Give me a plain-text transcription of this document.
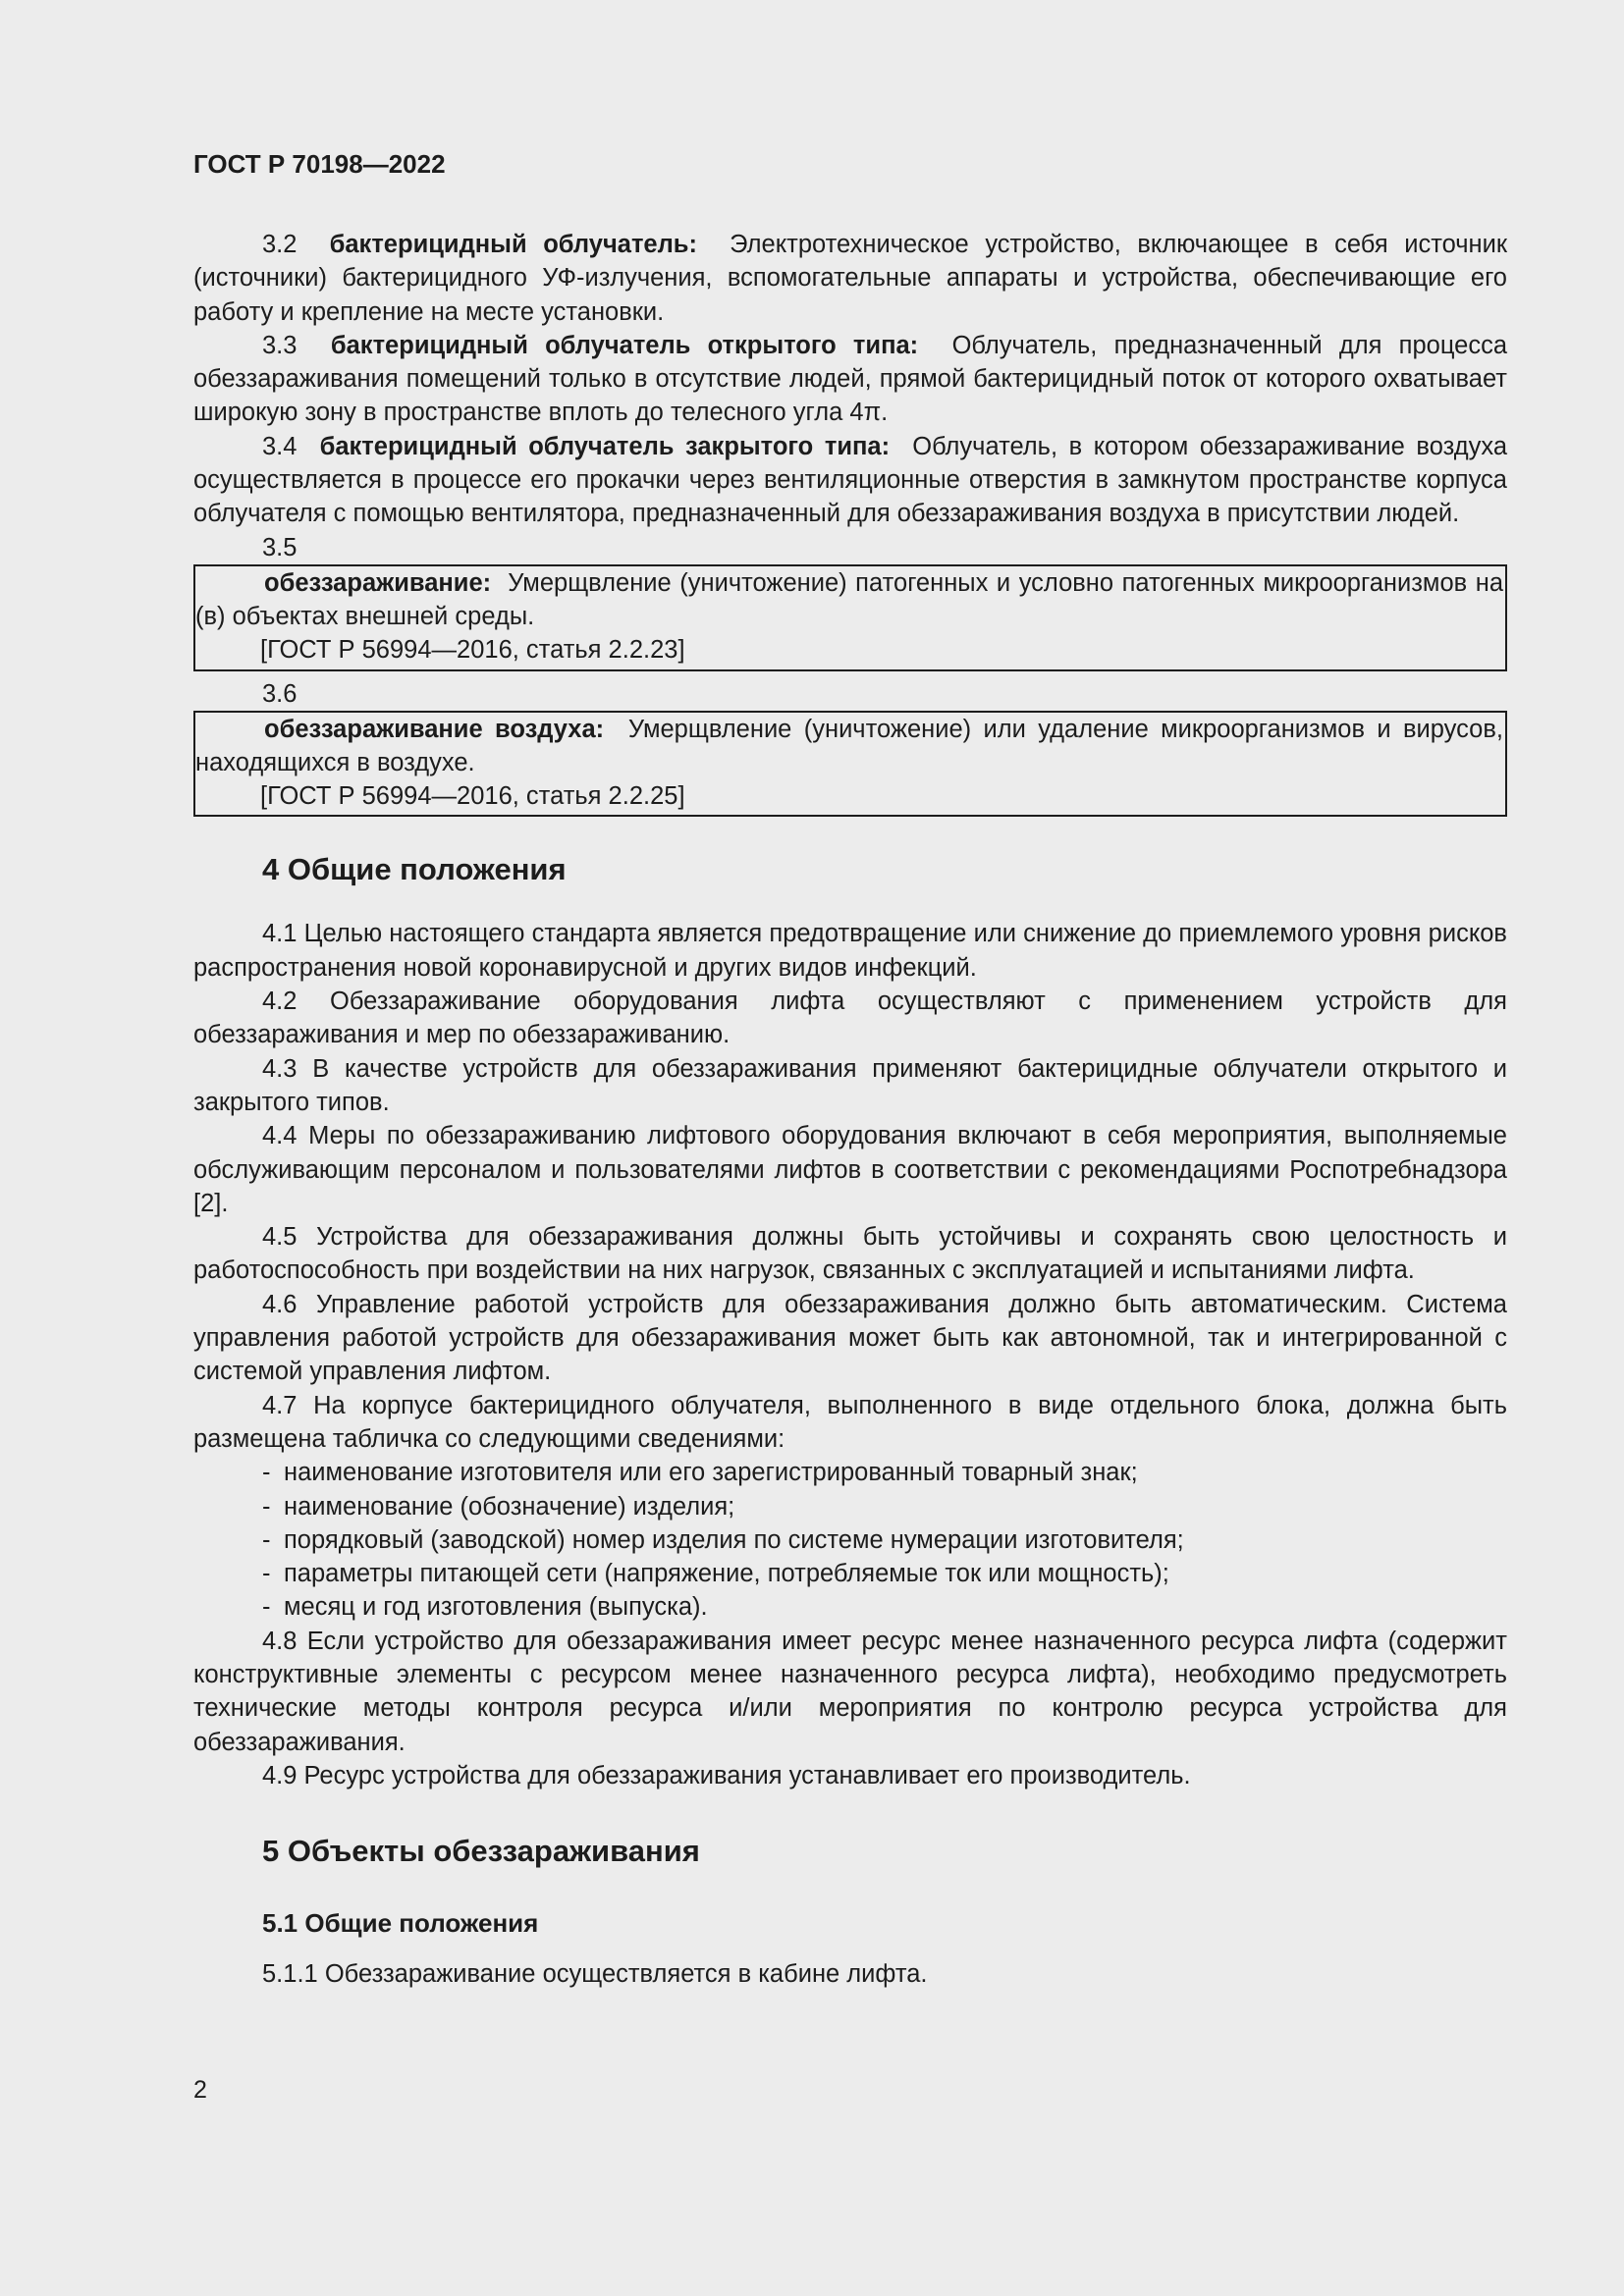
ГОСТ Р 70198—2022

3.2 бактерицидный облучатель: Электротехническое устройство, включающее в себя источник (источники) бактерицидного УФ-излучения, вспомогательные аппараты и устройства, обеспечивающие его работу и крепление на месте установки.

3.3 бактерицидный облучатель открытого типа: Облучатель, предназначенный для процесса обеззараживания помещений только в отсутствие людей, прямой бактерицидный поток от которого охватывает широкую зону в пространстве вплоть до телесного угла 4π.

3.4 бактерицидный облучатель закрытого типа: Облучатель, в котором обеззараживание воздуха осуществляется в процессе его прокачки через вентиляционные отверстия в замкнутом пространстве корпуса облучателя с помощью вентилятора, предназначенный для обеззараживания воздуха в присутствии людей.

3.5

обеззараживание: Умерщвление (уничтожение) патогенных и условно патогенных микроорганизмов на (в) объектах внешней среды.

[ГОСТ Р 56994—2016, статья 2.2.23]
3.6

обеззараживание воздуха: Умерщвление (уничтожение) или удаление микроорганизмов и вирусов, находящихся в воздухе.

[ГОСТ Р 56994—2016, статья 2.2.25]
4 Общие положения

4.1 Целью настоящего стандарта является предотвращение или снижение до приемлемого уровня рисков распространения новой коронавирусной и других видов инфекций.

4.2 Обеззараживание оборудования лифта осуществляют с применением устройств для обеззараживания и мер по обеззараживанию.

4.3 В качестве устройств для обеззараживания применяют бактерицидные облучатели открытого и закрытого типов.

4.4 Меры по обеззараживанию лифтового оборудования включают в себя мероприятия, выполняемые обслуживающим персоналом и пользователями лифтов в соответствии с рекомендациями Роспотребнадзора [2].

4.5 Устройства для обеззараживания должны быть устойчивы и сохранять свою целостность и работоспособность при воздействии на них нагрузок, связанных с эксплуатацией и испытаниями лифта.

4.6 Управление работой устройств для обеззараживания должно быть автоматическим. Система управления работой устройств для обеззараживания может быть как автономной, так и интегрированной с системой управления лифтом.

4.7 На корпусе бактерицидного облучателя, выполненного в виде отдельного блока, должна быть размещена табличка со следующими сведениями:

- наименование изготовителя или его зарегистрированный товарный знак;
- наименование (обозначение) изделия;
- порядковый (заводской) номер изделия по системе нумерации изготовителя;
- параметры питающей сети (напряжение, потребляемые ток или мощность);
- месяц и год изготовления (выпуска).

4.8 Если устройство для обеззараживания имеет ресурс менее назначенного ресурса лифта (содержит конструктивные элементы с ресурсом менее назначенного ресурса лифта), необходимо предусмотреть технические методы контроля ресурса и/или мероприятия по контролю ресурса устройства для обеззараживания.

4.9 Ресурс устройства для обеззараживания устанавливает его производитель.

5 Объекты обеззараживания
5.1 Общие положения

5.1.1 Обеззараживание осуществляется в кабине лифта.

2
